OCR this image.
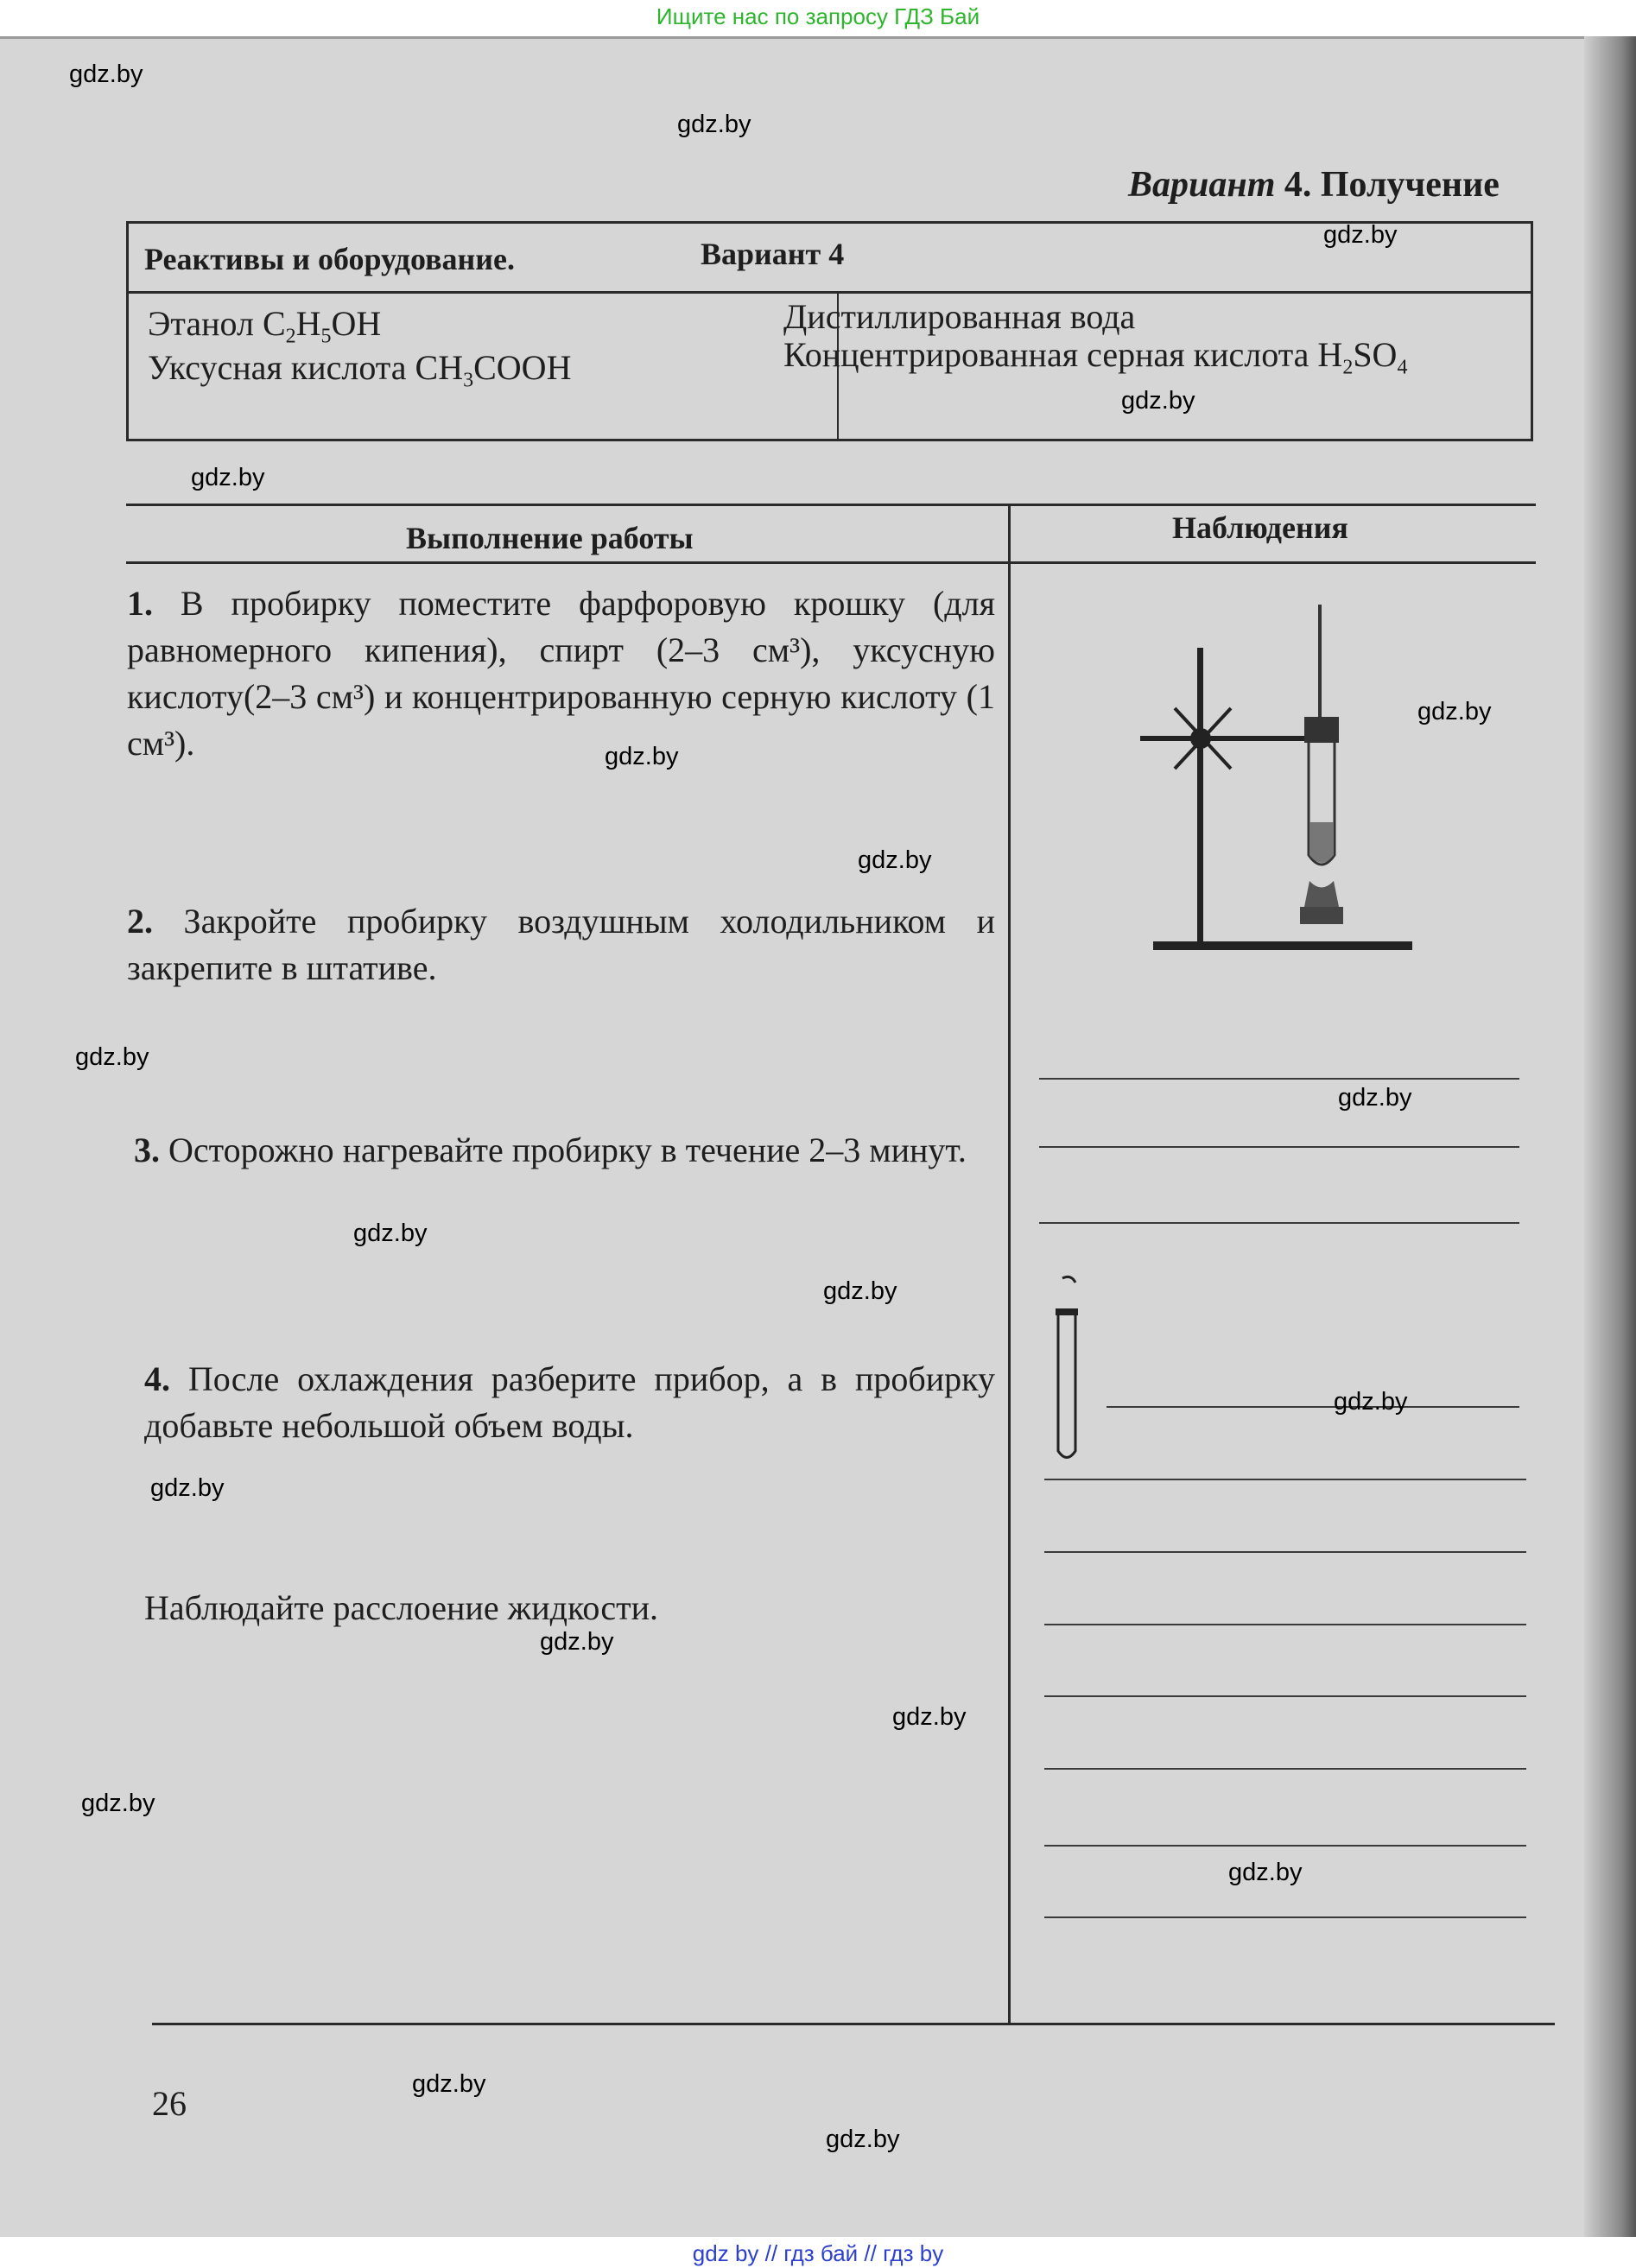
Ищите нас по запросу ГДЗ Бай
Вариант 4. Получение
Реактивы и оборудование.	Вариант 4
Этанол $C_2H_5OH$
Уксусная кислота $CH_3COOH$
Дистиллированная вода
Концентрированная серная кислота $H_2SO_4$
Выполнение работы	Наблюдения
1. В пробирку поместите фарфоровую крошку (для равномерного кипения), спирт (2–3 см³), уксусную кислоту(2–3 см³) и концентрированную серную кислоту (1 см³).
2. Закройте пробирку воздушным холодильником и закрепите в штативе.
3. Осторожно нагревайте пробирку в течение 2–3 минут.
4. После охлаждения разберите прибор, а в пробирку добавьте небольшой объем воды.
Наблюдайте расслоение жидкости.
26
gdz.by
gdz.by
gdz.by
gdz.by
gdz.by
gdz.by
gdz.by
gdz.by
gdz.by
gdz.by
gdz.by
gdz.by
gdz.by
gdz.by
gdz.by
gdz.by
gdz.by
gdz.by
gdz.by
gdz.by
gdz by // гдз бай // гдз by
